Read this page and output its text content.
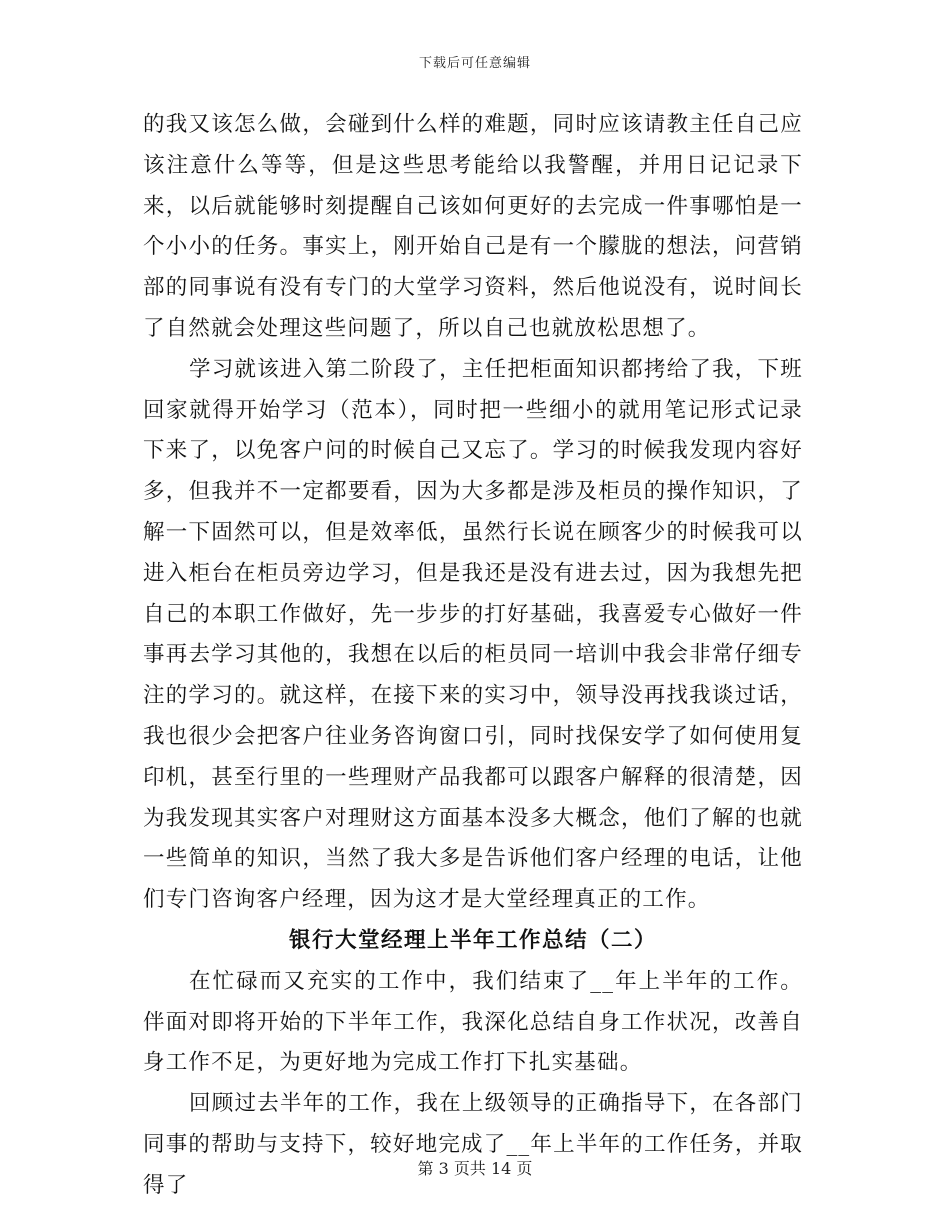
下载后可任意编辑

的我又该怎么做，会碰到什么样的难题，同时应该请教主任自己应该注意什么等等，但是这些思考能给以我警醒，并用日记记录下来，以后就能够时刻提醒自己该如何更好的去完成一件事哪怕是一个小小的任务。事实上，刚开始自己是有一个朦胧的想法，问营销部的同事说有没有专门的大堂学习资料，然后他说没有，说时间长了自然就会处理这些问题了，所以自己也就放松思想了。

学习就该进入第二阶段了，主任把柜面知识都拷给了我，下班回家就得开始学习（范本），同时把一些细小的就用笔记形式记录下来了，以免客户问的时候自己又忘了。学习的时候我发现内容好多，但我并不一定都要看，因为大多都是涉及柜员的操作知识，了解一下固然可以，但是效率低，虽然行长说在顾客少的时候我可以进入柜台在柜员旁边学习，但是我还是没有进去过，因为我想先把自己的本职工作做好，先一步步的打好基础，我喜爱专心做好一件事再去学习其他的，我想在以后的柜员同一培训中我会非常仔细专注的学习的。就这样，在接下来的实习中，领导没再找我谈过话，我也很少会把客户往业务咨询窗口引，同时找保安学了如何使用复印机，甚至行里的一些理财产品我都可以跟客户解释的很清楚，因为我发现其实客户对理财这方面基本没多大概念，他们了解的也就一些简单的知识，当然了我大多是告诉他们客户经理的电话，让他们专门咨询客户经理，因为这才是大堂经理真正的工作。

银行大堂经理上半年工作总结（二）

在忙碌而又充实的工作中，我们结束了__年上半年的工作。伴面对即将开始的下半年工作，我深化总结自身工作状况，改善自身工作不足，为更好地为完成工作打下扎实基础。

回顾过去半年的工作，我在上级领导的正确指导下，在各部门同事的帮助与支持下，较好地完成了__年上半年的工作任务，并取得了

第 3 页共 14 页
